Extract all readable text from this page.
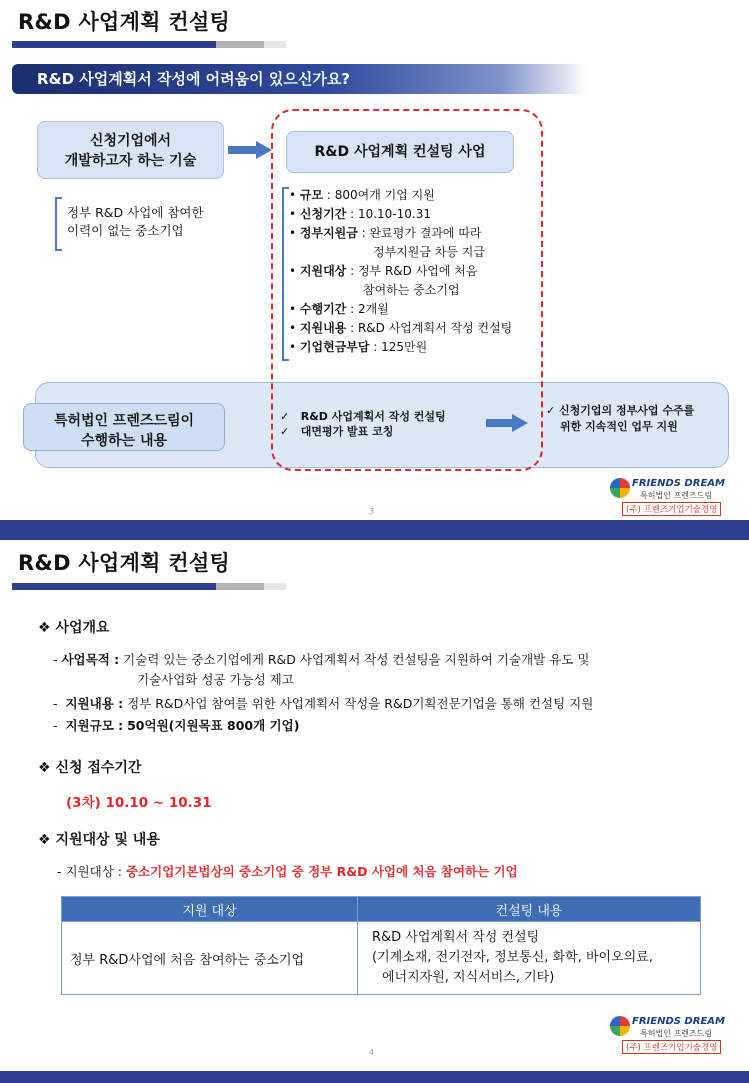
R&D 사업계획 컨설팅
R&D 사업계획서 작성에 어려움이 있으신가요?
신청기업에서
개발하고자 하는 기술
정부 R&D 사업에 참여한
이력이 없는 중소기업
R&D 사업계획 컨설팅 사업
• 규모 : 800여개 기업 지원
• 신청기간 : 10.10-10.31
• 정부지원금 : 완료평가 결과에 따라
정부지원금 차등 지급
• 지원대상 : 정부 R&D 사업에 처음
참여하는 중소기업
• 수행기간 : 2개월
• 지원내용 : R&D 사업계획서 작성 컨설팅
• 기업현금부담 : 125만원
특허법인 프렌즈드림이
수행하는 내용
✓   R&D 사업계획서 작성 컨설팅
✓   대면평가 발표 코칭
✓ 신청기업의 정부사업 수주를
위한 지속적인 업무 지원
3
FRIENDS DREAM
특허법인 프렌즈드림
(주) 프렌즈기업기술경영
R&D 사업계획 컨설팅
❖ 사업개요
- 사업목적 : 기술력 있는 중소기업에게 R&D 사업계획서 작성 컨설팅을 지원하여 기술개발 유도 및
기술사업화 성공 가능성 제고
-  지원내용 : 정부 R&D사업 참여를 위한 사업계획서 작성을 R&D기획전문기업을 통해 컨설팅 지원
-  지원규모 : 50억원(지원목표 800개 기업)
❖ 신청 접수기간
(3차) 10.10 ~ 10.31
❖ 지원대상 및 내용
- 지원대상 : 중소기업기본법상의 중소기업 중 정부 R&D 사업에 처음 참여하는 기업
지원 대상	컨설팅 내용
정부 R&D사업에 처음 참여하는 중소기업	R&D 사업계획서 작성 컨설팅
(기계소재, 전기전자, 정보통신, 화학, 바이오의료,
에너지자원, 지식서비스, 기타)
4
FRIENDS DREAM
특허법인 프렌즈드림
(주) 프렌즈기업기술경영
